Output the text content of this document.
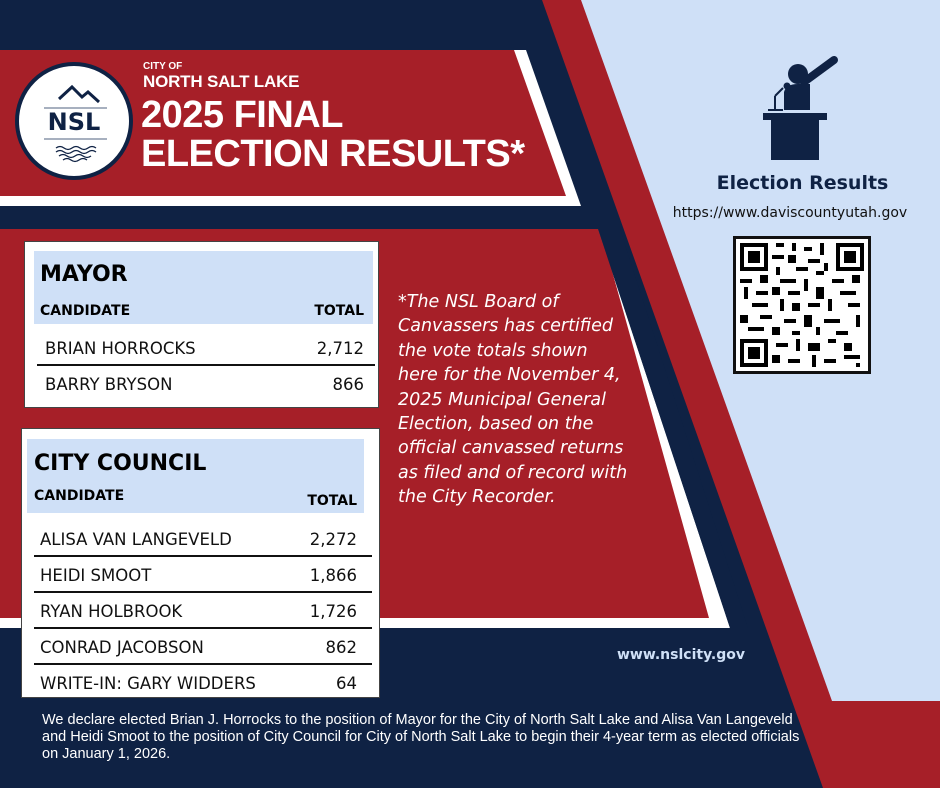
NSL
CITY OF
NORTH SALT LAKE
2025 FINAL
ELECTION RESULTS*
MAYOR
CANDIDATE	TOTAL
BRIAN HORROCKS	2,712
BARRY BRYSON	866
CITY COUNCIL
CANDIDATE	TOTAL
ALISA VAN LANGEVELD	2,272
HEIDI SMOOT	1,866
RYAN HOLBROOK	1,726
CONRAD JACOBSON	862
WRITE-IN: GARY WIDDERS	64
*The NSL Board of Canvassers has certified the vote totals shown here for the November 4, 2025 Municipal General Election, based on the official canvassed returns as filed and of record with the City Recorder.
Election Results
https://www.daviscountyutah.gov
www.nslcity.gov
We declare elected Brian J. Horrocks to the position of Mayor for the City of North Salt Lake and Alisa Van Langeveld and Heidi Smoot to the position of City Council for City of North Salt Lake to begin their 4-year term as elected officials on January 1, 2026.
